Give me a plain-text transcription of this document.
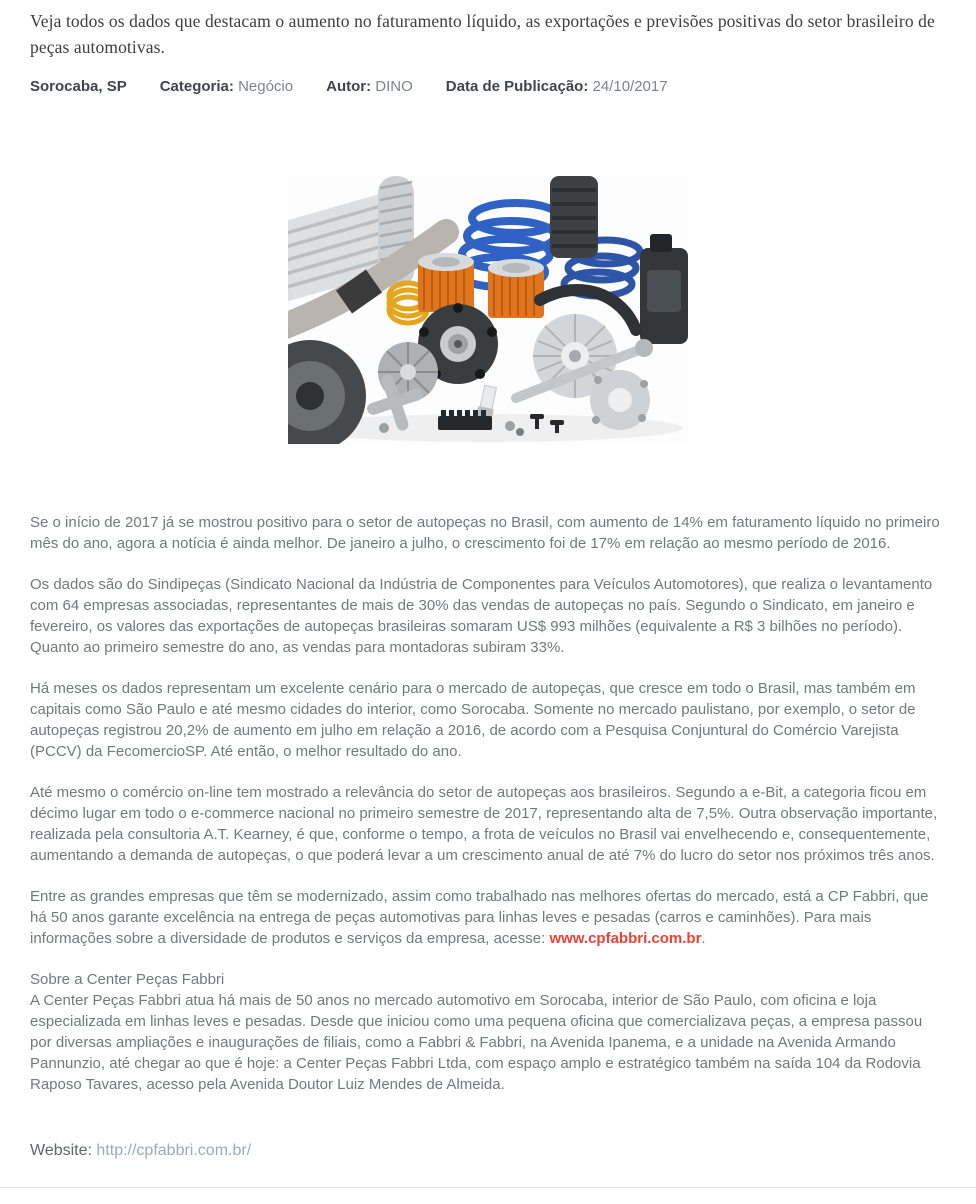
Veja todos os dados que destacam o aumento no faturamento líquido, as exportações e previsões positivas do setor brasileiro de peças automotivas.

Sorocaba, SP Categoria: Negócio Autor: DINO Data de Publicação: 24/10/2017

Se o início de 2017 já se mostrou positivo para o setor de autopeças no Brasil, com aumento de 14% em faturamento líquido no primeiro mês do ano, agora a notícia é ainda melhor. De janeiro a julho, o crescimento foi de 17% em relação ao mesmo período de 2016.

Os dados são do Sindipeças (Sindicato Nacional da Indústria de Componentes para Veículos Automotores), que realiza o levantamento com 64 empresas associadas, representantes de mais de 30% das vendas de autopeças no país. Segundo o Sindicato, em janeiro e fevereiro, os valores das exportações de autopeças brasileiras somaram US$ 993 milhões (equivalente a R$ 3 bilhões no período). Quanto ao primeiro semestre do ano, as vendas para montadoras subiram 33%.

Há meses os dados representam um excelente cenário para o mercado de autopeças, que cresce em todo o Brasil, mas também em capitais como São Paulo e até mesmo cidades do interior, como Sorocaba. Somente no mercado paulistano, por exemplo, o setor de autopeças registrou 20,2% de aumento em julho em relação a 2016, de acordo com a Pesquisa Conjuntural do Comércio Varejista (PCCV) da FecomercioSP. Até então, o melhor resultado do ano.

Até mesmo o comércio on-line tem mostrado a relevância do setor de autopeças aos brasileiros. Segundo a e-Bit, a categoria ficou em décimo lugar em todo o e-commerce nacional no primeiro semestre de 2017, representando alta de 7,5%. Outra observação importante, realizada pela consultoria A.T. Kearney, é que, conforme o tempo, a frota de veículos no Brasil vai envelhecendo e, consequentemente, aumentando a demanda de autopeças, o que poderá levar a um crescimento anual de até 7% do lucro do setor nos próximos três anos.

Entre as grandes empresas que têm se modernizado, assim como trabalhado nas melhores ofertas do mercado, está a CP Fabbri, que há 50 anos garante excelência na entrega de peças automotivas para linhas leves e pesadas (carros e caminhões). Para mais informações sobre a diversidade de produtos e serviços da empresa, acesse: www.cpfabbri.com.br.

Sobre a Center Peças Fabbri
A Center Peças Fabbri atua há mais de 50 anos no mercado automotivo em Sorocaba, interior de São Paulo, com oficina e loja especializada em linhas leves e pesadas. Desde que iniciou como uma pequena oficina que comercializava peças, a empresa passou por diversas ampliações e inaugurações de filiais, como a Fabbri & Fabbri, na Avenida Ipanema, e a unidade na Avenida Armando Pannunzio, até chegar ao que é hoje: a Center Peças Fabbri Ltda, com espaço amplo e estratégico também na saída 104 da Rodovia Raposo Tavares, acesso pela Avenida Doutor Luiz Mendes de Almeida.

Website: http://cpfabbri.com.br/
